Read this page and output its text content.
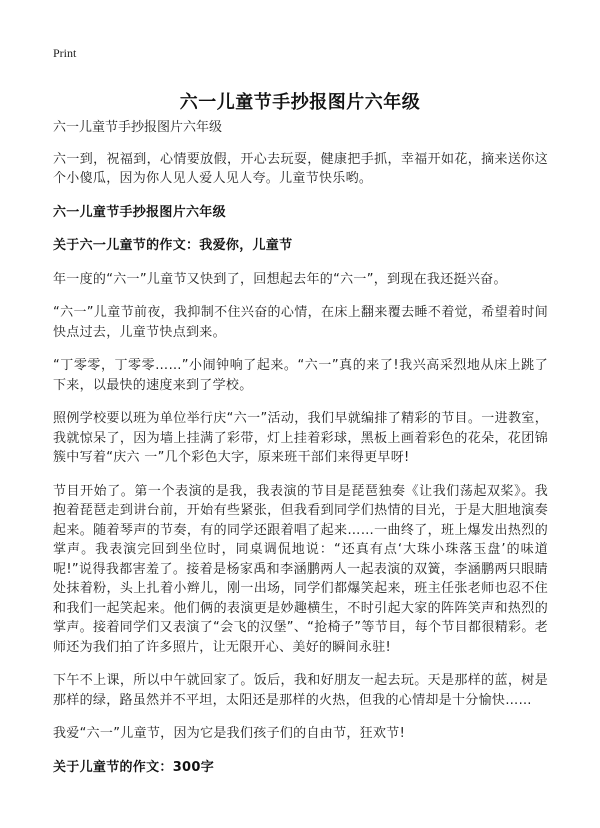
Print
六一儿童节手抄报图片六年级

六一儿童节手抄报图片六年级

六一到，祝福到，心情要放假，开心去玩耍，健康把手抓，幸福开如花，摘来送你这个小傻瓜，因为你人见人爱人见人夸。儿童节快乐哟。

六一儿童节手抄报图片六年级

关于六一儿童节的作文：我爱你，儿童节

年一度的“六一”儿童节又快到了，回想起去年的“六一”，到现在我还挺兴奋。

“六一”儿童节前夜，我抑制不住兴奋的心情，在床上翻来覆去睡不着觉，希望着时间快点过去，儿童节快点到来。

“丁零零，丁零零……”小闹钟响了起来。“六一”真的来了!我兴高采烈地从床上跳了下来，以最快的速度来到了学校。

照例学校要以班为单位举行庆“六一”活动，我们早就编排了精彩的节目。一进教室，我就惊呆了，因为墙上挂满了彩带，灯上挂着彩球，黑板上画着彩色的花朵，花团锦簇中写着“庆六 一”几个彩色大字，原来班干部们来得更早呀!

节目开始了。第一个表演的是我，我表演的节目是琵琶独奏《让我们荡起双桨》。我抱着琵琶走到讲台前，开始有些紧张，但我看到同学们热情的目光，于是大胆地演奏起来。随着琴声的节奏，有的同学还跟着唱了起来……一曲终了，班上爆发出热烈的 掌声。我表演完回到坐位时，同桌调侃地说：“还真有点‘大珠小珠落玉盘’的味道呢!”说得我都害羞了。接着是杨家禹和李涵鹏两人一起表演的双簧，李涵鹏两只眼睛处抹着粉，头上扎着小辫儿，刚一出场，同学们都爆笑起来，班主任张老师也忍不住和我们一起笑起来。他们俩的表演更是妙趣横生，不时引起大家的阵阵笑声和热烈的掌声。接着同学们又表演了“会飞的汉堡”、“抢椅子”等节目，每个节目都很精彩。老师还为我们拍了许多照片，让无限开心、美好的瞬间永驻!

下午不上课，所以中午就回家了。饭后，我和好朋友一起去玩。天是那样的蓝，树是那样的绿，路虽然并不平坦，太阳还是那样的火热，但我的心情却是十分愉快……

我爱“六一”儿童节，因为它是我们孩子们的自由节，狂欢节!

关于儿童节的作文：300字
